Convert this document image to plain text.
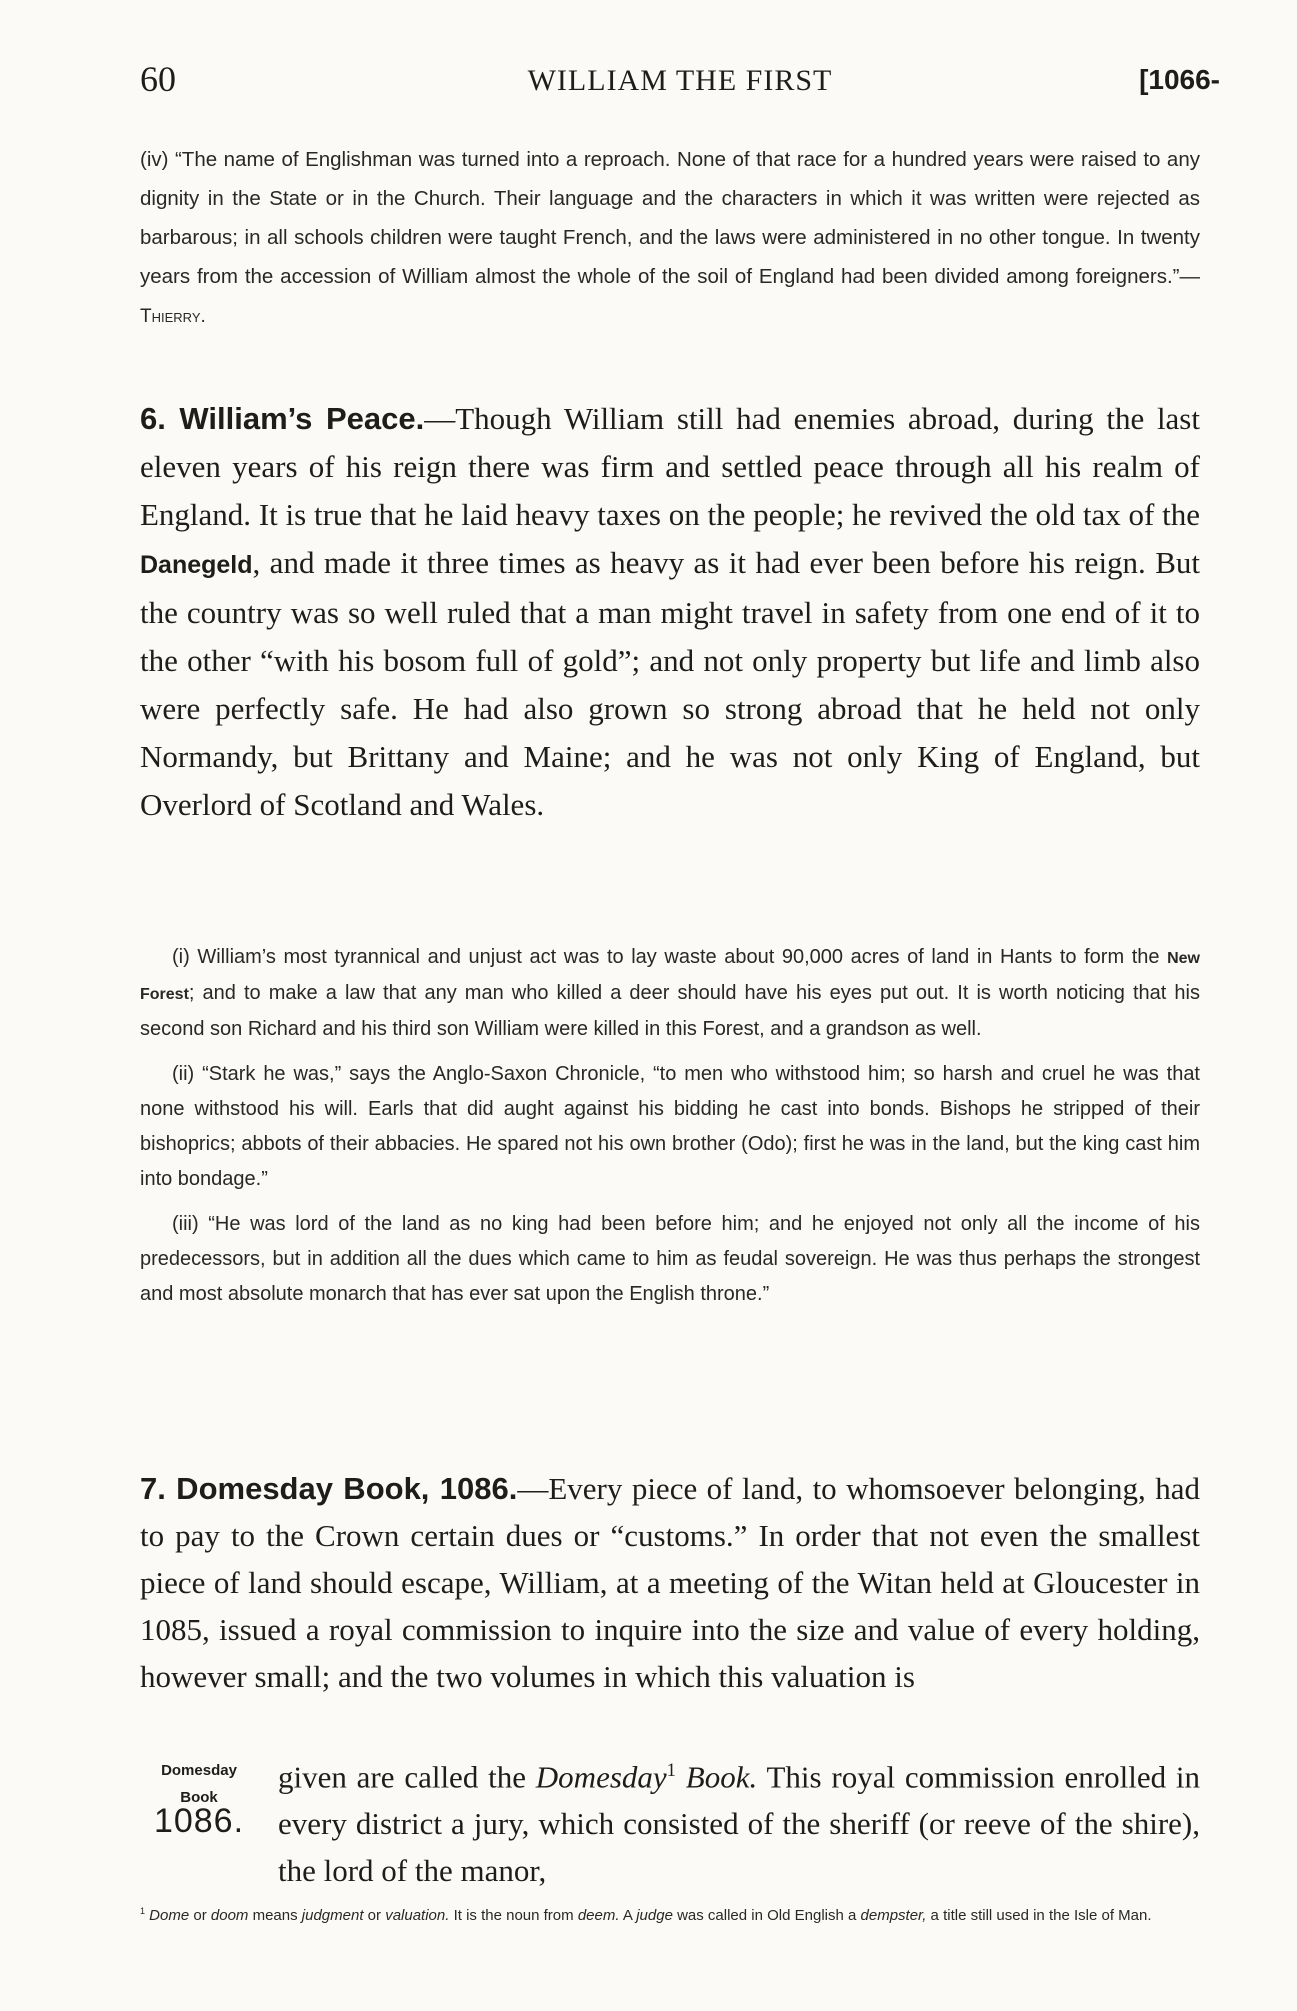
60	WILLIAM THE FIRST	[1066-
(iv) “The name of Englishman was turned into a reproach. None of that race for a hundred years were raised to any dignity in the State or in the Church. Their language and the characters in which it was written were rejected as barbarous; in all schools children were taught French, and the laws were administered in no other tongue. In twenty years from the accession of William almost the whole of the soil of England had been divided among foreigners.”—Thierry.
6. William’s Peace.—Though William still had enemies abroad, during the last eleven years of his reign there was firm and settled peace through all his realm of England. It is true that he laid heavy taxes on the people; he revived the old tax of the Danegeld, and made it three times as heavy as it had ever been before his reign. But the country was so well ruled that a man might travel in safety from one end of it to the other “with his bosom full of gold”; and not only property but life and limb also were perfectly safe. He had also grown so strong abroad that he held not only Normandy, but Brittany and Maine; and he was not only King of England, but Overlord of Scotland and Wales.

(i) William’s most tyrannical and unjust act was to lay waste about 90,000 acres of land in Hants to form the New Forest; and to make a law that any man who killed a deer should have his eyes put out. It is worth noticing that his second son Richard and his third son William were killed in this Forest, and a grandson as well.

(ii) “Stark he was,” says the Anglo-Saxon Chronicle, “to men who withstood him; so harsh and cruel he was that none withstood his will. Earls that did aught against his bidding he cast into bonds. Bishops he stripped of their bishoprics; abbots of their abbacies. He spared not his own brother (Odo); first he was in the land, but the king cast him into bondage.”

(iii) “He was lord of the land as no king had been before him; and he enjoyed not only all the income of his predecessors, but in addition all the dues which came to him as feudal sovereign. He was thus perhaps the strongest and most absolute monarch that has ever sat upon the English throne.”

7. Domesday Book, 1086.—Every piece of land, to whomsoever belonging, had to pay to the Crown certain dues or “customs.” In order that not even the smallest piece of land should escape, William, at a meeting of the Witan held at Gloucester in 1085, issued a royal commission to inquire into the size and value of every holding, however small; and the two volumes in which this valuation is
given are called the Domesday$^1$ Book. This royal commission enrolled in every district a jury, which consisted of the sheriff (or reeve of the shire), the lord of the manor,
Domesday
Book
1086.
$^1$ Dome or doom means judgment or valuation. It is the noun from deem. A judge was called in Old English a dempster, a title still used in the Isle of Man.
